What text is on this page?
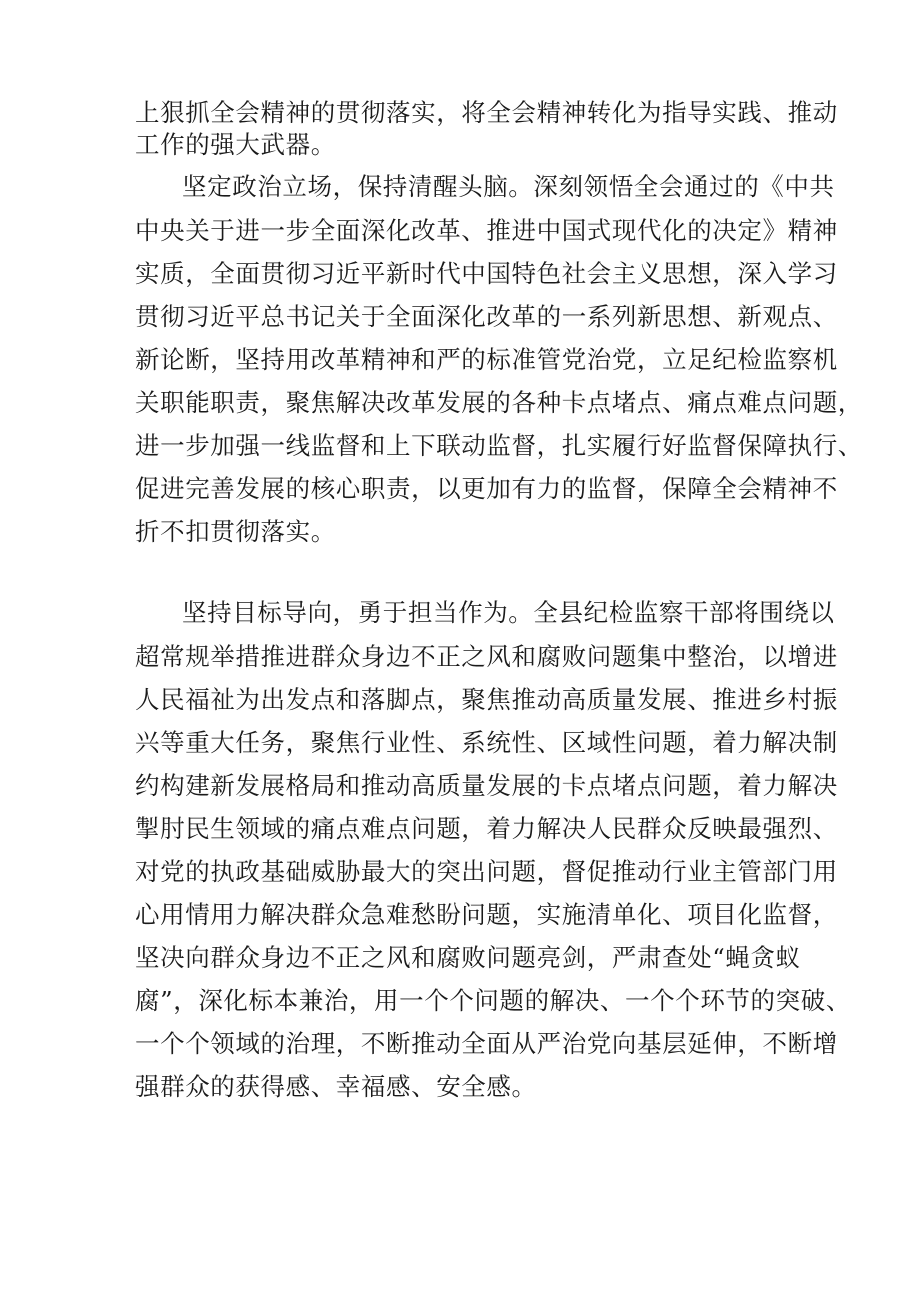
上狠抓全会精神的贯彻落实，将全会精神转化为指导实践、推动
工作的强大武器。
坚定政治立场，保持清醒头脑。深刻领悟全会通过的《中共
中央关于进一步全面深化改革、推进中国式现代化的决定》精神
实质，全面贯彻习近平新时代中国特色社会主义思想，深入学习
贯彻习近平总书记关于全面深化改革的一系列新思想、新观点、
新论断，坚持用改革精神和严的标准管党治党，立足纪检监察机
关职能职责，聚焦解决改革发展的各种卡点堵点、痛点难点问题，
进一步加强一线监督和上下联动监督，扎实履行好监督保障执行、
促进完善发展的核心职责，以更加有力的监督，保障全会精神不
折不扣贯彻落实。
坚持目标导向，勇于担当作为。全县纪检监察干部将围绕以
超常规举措推进群众身边不正之风和腐败问题集中整治，以增进
人民福祉为出发点和落脚点，聚焦推动高质量发展、推进乡村振
兴等重大任务，聚焦行业性、系统性、区域性问题，着力解决制
约构建新发展格局和推动高质量发展的卡点堵点问题，着力解决
掣肘民生领域的痛点难点问题，着力解决人民群众反映最强烈、
对党的执政基础威胁最大的突出问题，督促推动行业主管部门用
心用情用力解决群众急难愁盼问题，实施清单化、项目化监督，
坚决向群众身边不正之风和腐败问题亮剑，严肃查处“蝇贪蚁
腐”，深化标本兼治，用一个个问题的解决、一个个环节的突破、
一个个领域的治理，不断推动全面从严治党向基层延伸，不断增
强群众的获得感、幸福感、安全感。
